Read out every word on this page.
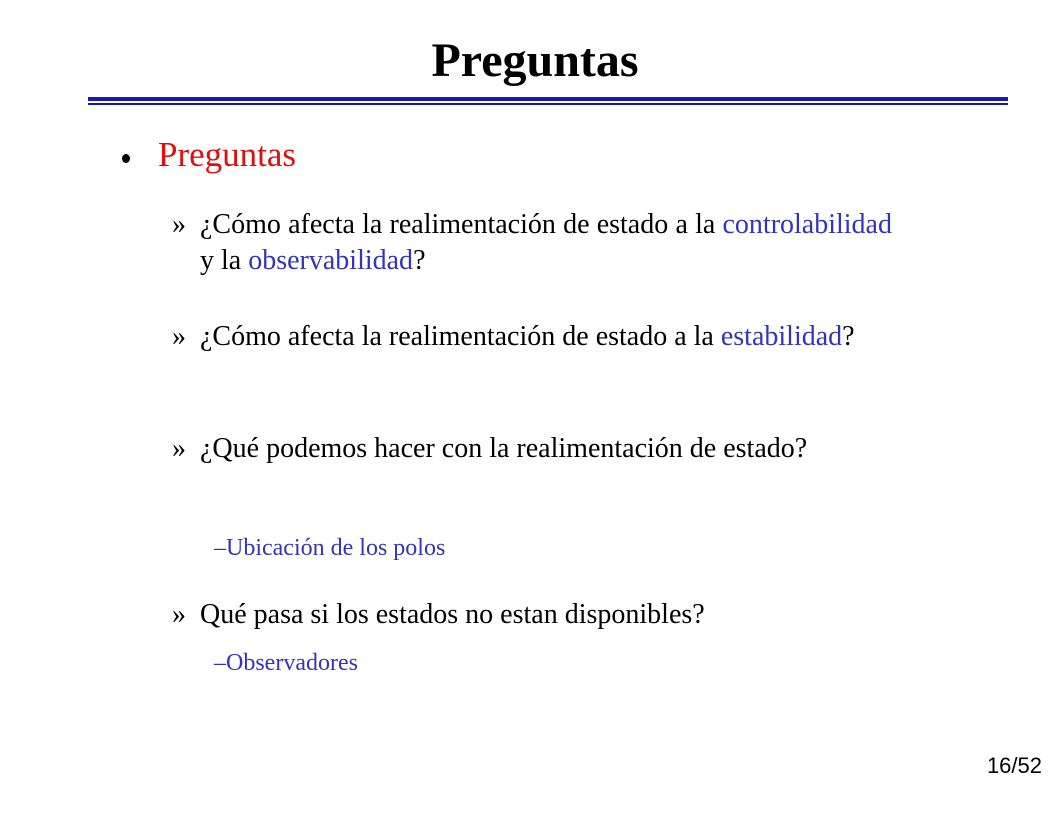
Preguntas
Preguntas
» ¿Cómo afecta la realimentación de estado a la controlabilidad y la observabilidad?
» ¿Cómo afecta la realimentación de estado a la estabilidad?
» ¿Qué podemos hacer con la realimentación de estado?
–Ubicación de los polos
» Qué pasa si los estados no estan disponibles?
–Observadores
16/52
